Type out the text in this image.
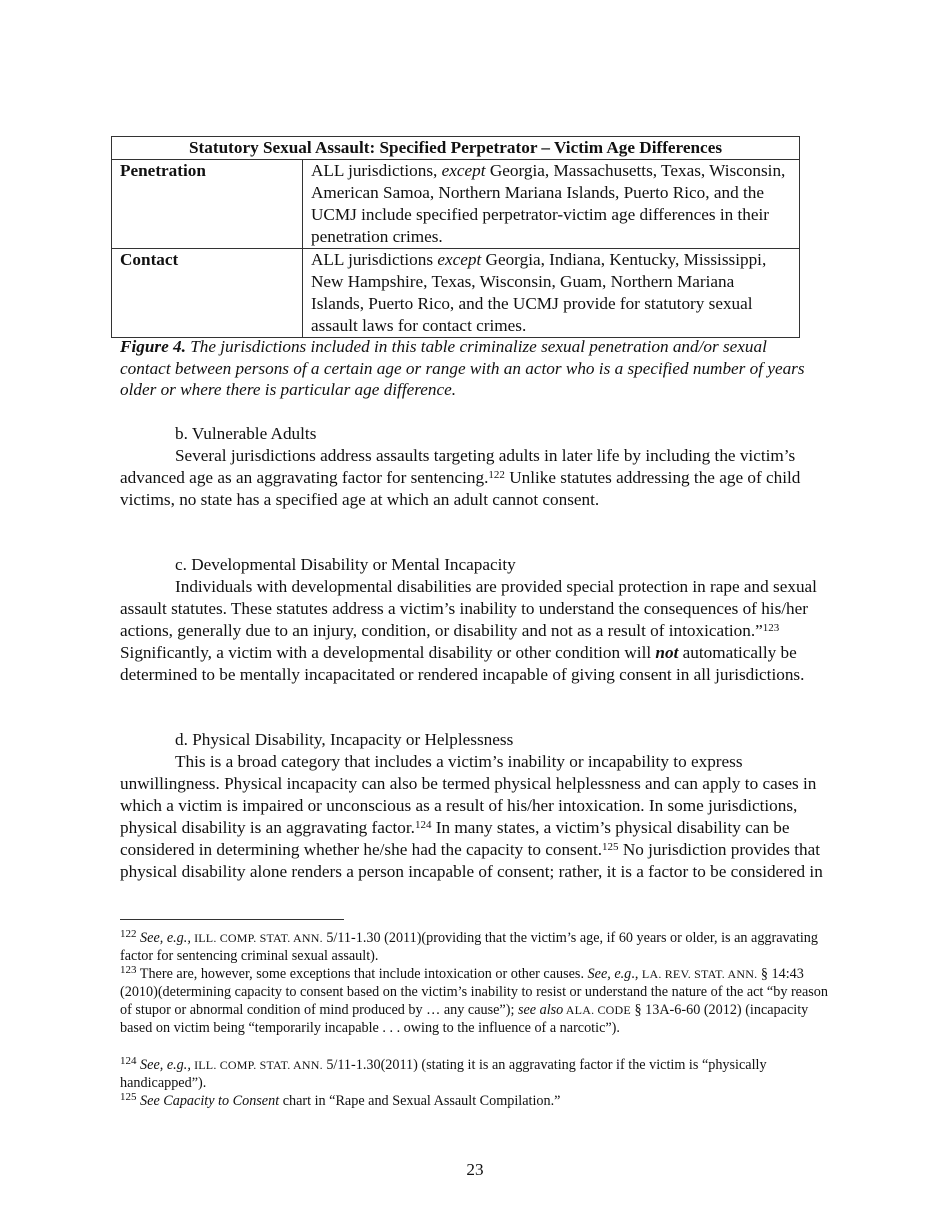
Statutory Sexual Assault: Specified Perpetrator – Victim Age Differences	
Penetration	ALL jurisdictions, except Georgia, Massachusetts, Texas, Wisconsin, American Samoa, Northern Mariana Islands, Puerto Rico, and the UCMJ include specified perpetrator-victim age differences in their penetration crimes.
Contact	ALL jurisdictions except Georgia, Indiana, Kentucky, Mississippi, New Hampshire, Texas, Wisconsin, Guam, Northern Mariana Islands, Puerto Rico, and the UCMJ provide for statutory sexual assault laws for contact crimes.
Figure 4. The jurisdictions included in this table criminalize sexual penetration and/or sexual contact between persons of a certain age or range with an actor who is a specified number of years older or where there is particular age difference.
b. Vulnerable Adults
Several jurisdictions address assaults targeting adults in later life by including the victim’s advanced age as an aggravating factor for sentencing.$^{122}$ Unlike statutes addressing the age of child victims, no state has a specified age at which an adult cannot consent.
c. Developmental Disability or Mental Incapacity
Individuals with developmental disabilities are provided special protection in rape and sexual assault statutes. These statutes address a victim’s inability to understand the consequences of his/her actions, generally due to an injury, condition, or disability and not as a result of intoxication.”$^{123}$ Significantly, a victim with a developmental disability or other condition will not automatically be determined to be mentally incapacitated or rendered incapable of giving consent in all jurisdictions.
d. Physical Disability, Incapacity or Helplessness
This is a broad category that includes a victim’s inability or incapability to express unwillingness. Physical incapacity can also be termed physical helplessness and can apply to cases in which a victim is impaired or unconscious as a result of his/her intoxication. In some jurisdictions, physical disability is an aggravating factor.$^{124}$ In many states, a victim’s physical disability can be considered in determining whether he/she had the capacity to consent.$^{125}$ No jurisdiction provides that physical disability alone renders a person incapable of consent; rather, it is a factor to be considered in
$^{122}$ See, e.g., ILL. COMP. STAT. ANN. 5/11-1.30 (2011)(providing that the victim’s age, if 60 years or older, is an aggravating factor for sentencing criminal sexual assault).
$^{123}$ There are, however, some exceptions that include intoxication or other causes. See, e.g., LA. REV. STAT. ANN. § 14:43 (2010)(determining capacity to consent based on the victim’s inability to resist or understand the nature of the act “by reason of stupor or abnormal condition of mind produced by … any cause”); see also ALA. CODE § 13A-6-60 (2012) (incapacity based on victim being “temporarily incapable . . . owing to the influence of a narcotic”).
$^{124}$ See, e.g., ILL. COMP. STAT. ANN. 5/11-1.30(2011) (stating it is an aggravating factor if the victim is “physically handicapped”).
$^{125}$ See Capacity to Consent chart in “Rape and Sexual Assault Compilation.”
23
